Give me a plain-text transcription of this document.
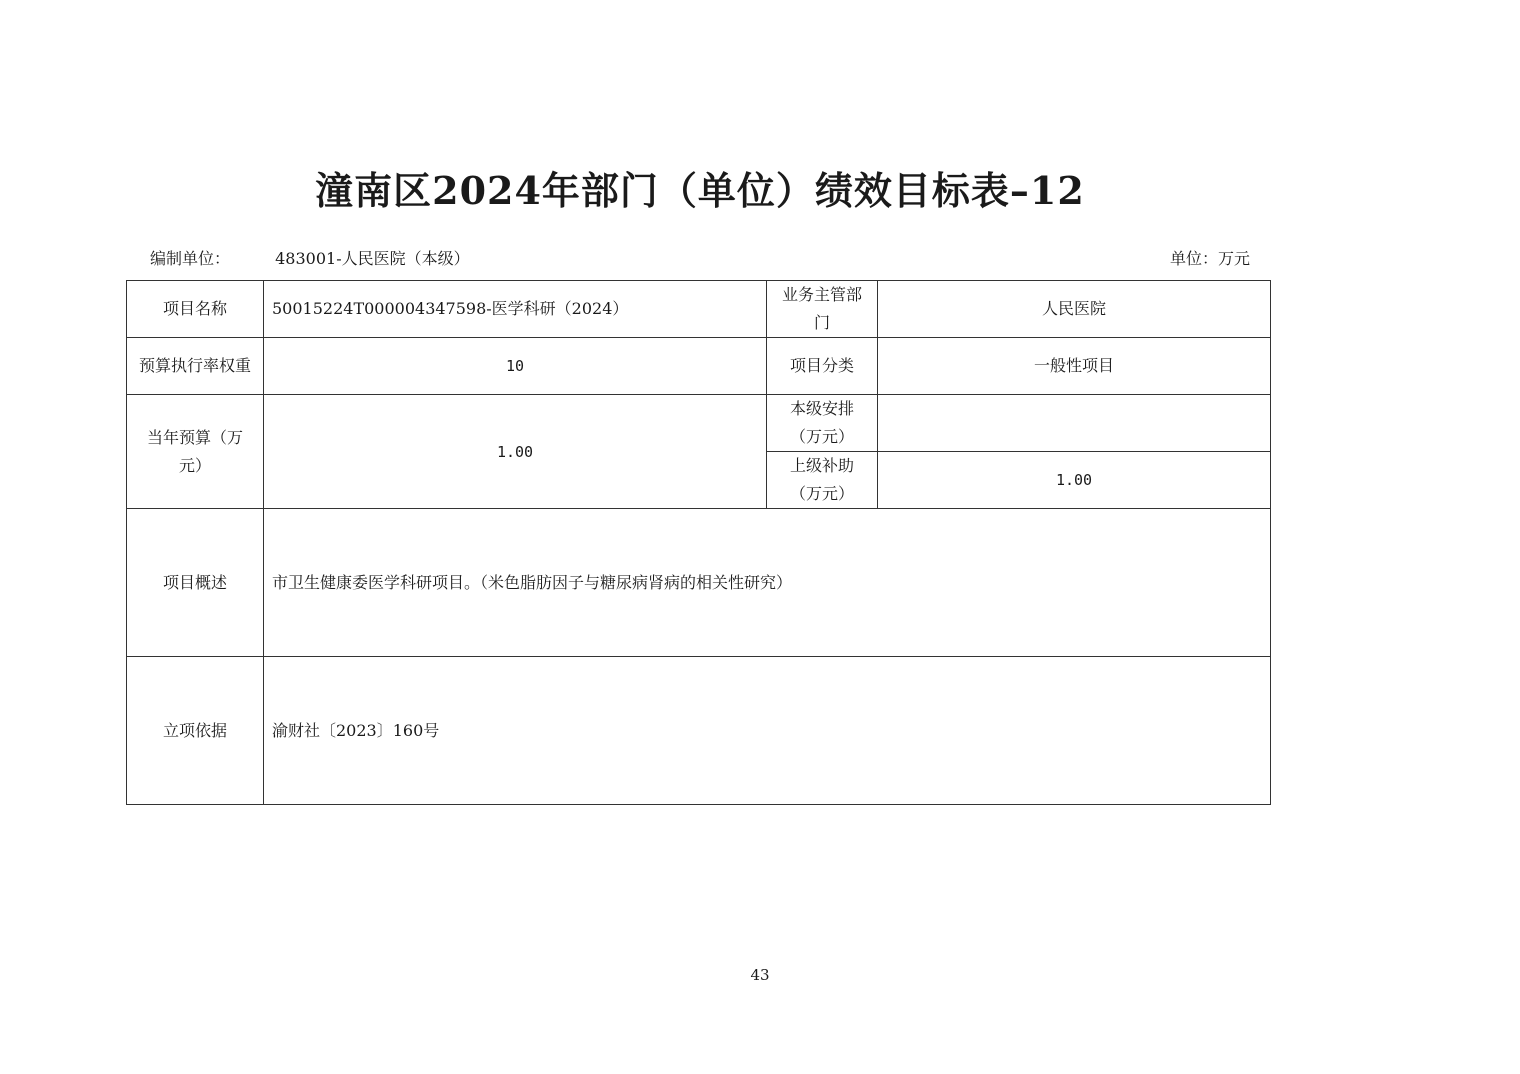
潼南区2024年部门（单位）绩效目标表–12
编制单位：	483001-人民医院（本级）	单位：万元
项目名称	50015224T000004347598-医学科研（2024）	业务主管部门	人民医院
预算执行率权重	10	项目分类	一般性项目
当年预算（万元）	1.00	本级安排（万元）	
		上级补助（万元）	1.00
项目概述	市卫生健康委医学科研项目。（米色脂肪因子与糖尿病肾病的相关性研究）		
立项依据	渝财社〔2023〕160号		
43
